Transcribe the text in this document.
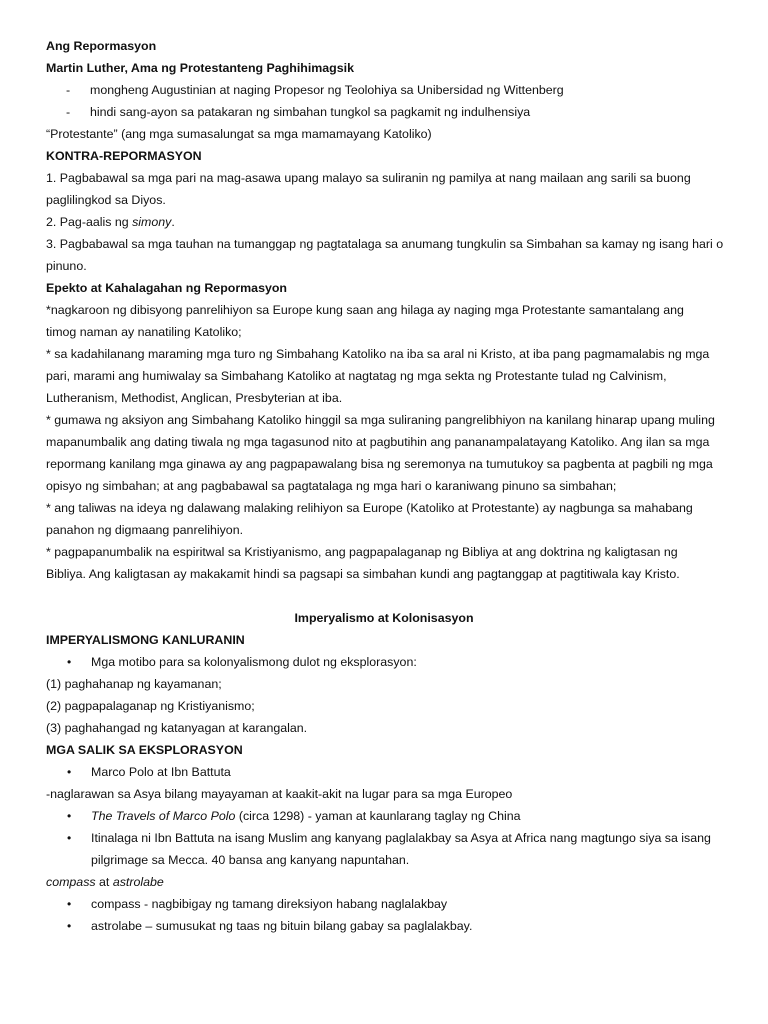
Ang Repormasyon
Martin Luther, Ama ng Protestanteng Paghihimagsik
- mongheng Augustinian at naging Propesor ng Teolohiya sa Unibersidad ng Wittenberg
- hindi sang-ayon sa patakaran ng simbahan tungkol sa pagkamit ng indulhensiya
“Protestante” (ang mga sumasalungat sa mga mamamayang Katoliko)
KONTRA-REPORMASYON
1. Pagbabawal sa mga pari na mag-asawa upang malayo sa suliranin ng pamilya at nang mailaan ang sarili sa buong
paglilingkod sa Diyos.
2. Pag-aalis ng simony.
3. Pagbabawal sa mga tauhan na tumanggap ng pagtatalaga sa anumang tungkulin sa Simbahan sa kamay ng isang hari o
pinuno.
Epekto at Kahalagahan ng Repormasyon
*nagkaroon ng dibisyong panrelihiyon sa Europe kung saan ang hilaga ay naging mga Protestante samantalang ang
timog naman ay nanatiling Katoliko;
* sa kadahilanang maraming mga turo ng Simbahang Katoliko na iba sa aral ni Kristo, at iba pang pagmamalabis ng mga
pari, marami ang humiwalay sa Simbahang Katoliko at nagtatag ng mga sekta ng Protestante tulad ng Calvinism,
Lutheranism, Methodist, Anglican, Presbyterian at iba.
* gumawa ng aksiyon ang Simbahang Katoliko hinggil sa mga suliraning pangrelibhiyon na kanilang hinarap upang muling
mapanumbalik ang dating tiwala ng mga tagasunod nito at pagbutihin ang pananampalatayang Katoliko. Ang ilan sa mga
repormang kanilang mga ginawa ay ang pagpapawalang bisa ng seremonya na tumutukoy sa pagbenta at pagbili ng mga
opisyo ng simbahan; at ang pagbabawal sa pagtatalaga ng mga hari o karaniwang pinuno sa simbahan;
* ang taliwas na ideya ng dalawang malaking relihiyon sa Europe (Katoliko at Protestante) ay nagbunga sa mahabang
panahon ng digmaang panrelihiyon.
* pagpapanumbalik na espiritwal sa Kristiyanismo, ang pagpapalaganap ng Bibliya at ang doktrina ng kaligtasan ng
Bibliya. Ang kaligtasan ay makakamit hindi sa pagsapi sa simbahan kundi ang pagtanggap at pagtitiwala kay Kristo.
Imperyalismo at Kolonisasyon
IMPERYALISMONG KANLURANIN
• Mga motibo para sa kolonyalismong dulot ng eksplorasyon:
(1) paghahanap ng kayamanan;
(2) pagpapalaganap ng Kristiyanismo;
(3) paghahangad ng katanyagan at karangalan.
MGA SALIK SA EKSPLORASYON
• Marco Polo at Ibn Battuta
-naglarawan sa Asya bilang mayayaman at kaakit-akit na lugar para sa mga Europeo
• The Travels of Marco Polo (circa 1298) - yaman at kaunlarang taglay ng China
• Itinalaga ni Ibn Battuta na isang Muslim ang kanyang paglalakbay sa Asya at Africa nang magtungo siya sa isang
pilgrimage sa Mecca. 40 bansa ang kanyang napuntahan.
compass at astrolabe
• compass - nagbibigay ng tamang direksiyon habang naglalakbay
• astrolabe – sumusukat ng taas ng bituin bilang gabay sa paglalakbay.
